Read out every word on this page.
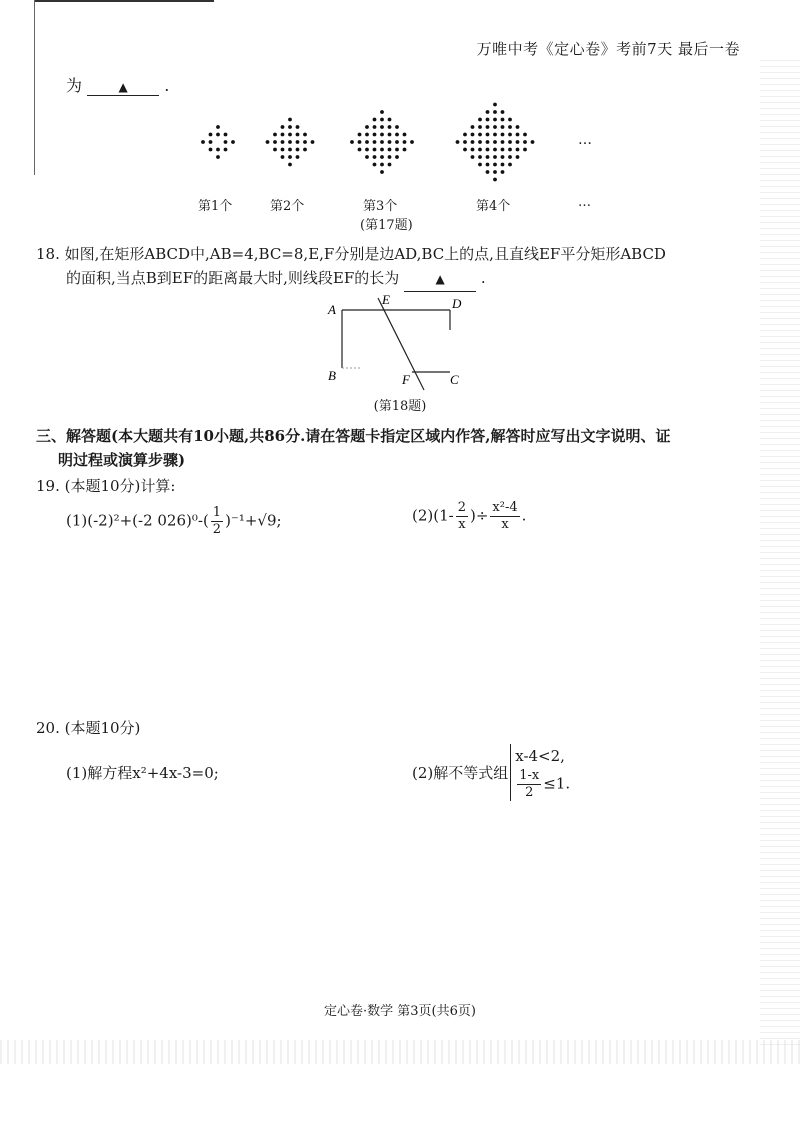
万唯中考《定心卷》考前7天 最后一卷
为	▲ .
…
第1个	第2个	第3个	第4个	…
(第17题)
18. 如图,在矩形ABCD中,AB=4,BC=8,E,F分别是边AD,BC上的点,且直线EF平分矩形ABCD
的面积,当点B到EF的距离最大时,则线段EF的长为	▲ .
A
E	D
B	F	C
(第18题)
三、解答题(本大题共有10小题,共86分.请在答题卡指定区域内作答,解答时应写出文字说明、证
明过程或演算步骤)
19. (本题10分)计算:
(1)(-2)²+(-2 $026)^0-( \frac{1}{2} )^{-1}+√9$;	$(2)(1- \frac{2}{x}$ )÷ $\frac{\text{x²-4}}{x}$ .
20. (本题10分)
(1)解方程x²+4x-3=0;	(2)解不等式组
x-4<2,
$\frac{1-x}{2} \le 1$.
定心卷·数学 第3页(共6页)
